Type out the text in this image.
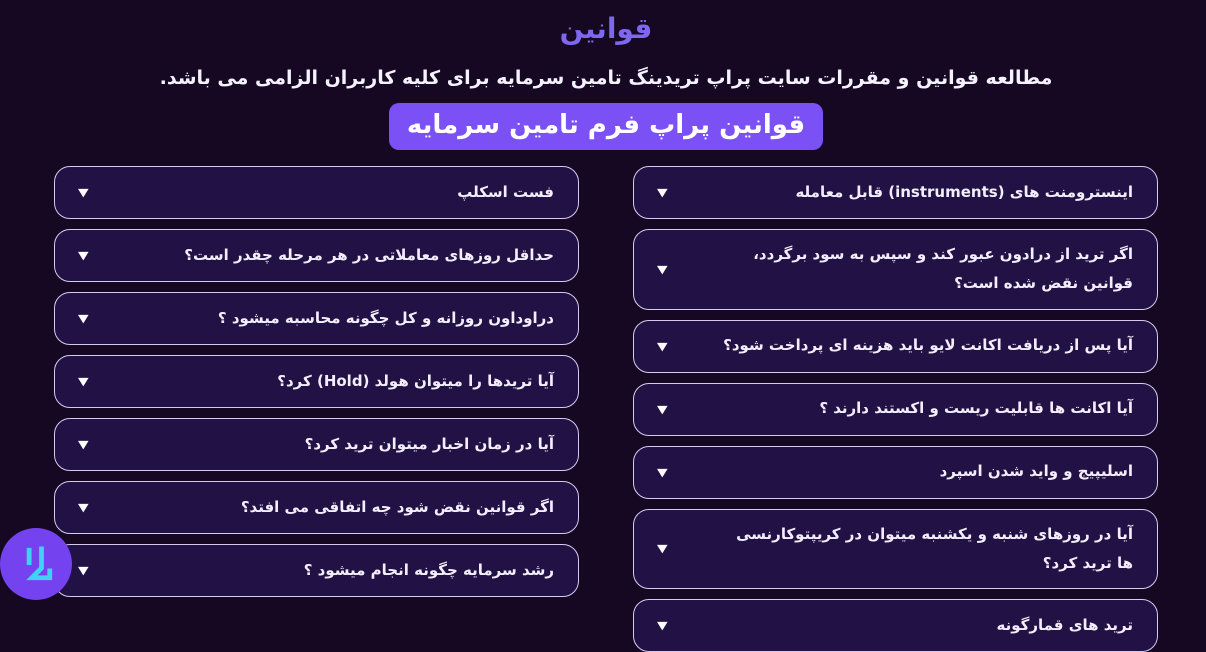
قوانین

مطالعه قوانین و مقررات سایت پراپ تریدینگ تامین سرمایه برای کلیه کاربران الزامی می باشد.

قوانین پراپ فرم تامین سرمایه
اینسترومنت های (instruments) قابل معامله
▼
اگر ترید از درادون عبور کند و سپس به سود برگردد، قوانین نقض شده است؟
▼
آیا پس از دریافت اکانت لایو باید هزینه ای پرداخت شود؟
▼
آیا اکانت ها قابلیت ریست و اکستند دارند ؟
▼
اسلیپیج و واید شدن اسپرد
▼
آیا در روزهای شنبه و یکشنبه میتوان در کریپتوکارنسی ها ترید کرد؟
▼
ترید های قمارگونه
▼
فست اسکلپ
▼
حداقل روزهای معاملاتی در هر مرحله چقدر است؟
▼
دراوداون روزانه و کل چگونه محاسبه میشود ؟
▼
آیا تریدها را میتوان هولد (Hold) کرد؟
▼
آیا در زمان اخبار میتوان ترید کرد؟
▼
اگر قوانین نقض شود چه اتفاقی می افتد؟
▼
رشد سرمایه چگونه انجام میشود ؟
▼
